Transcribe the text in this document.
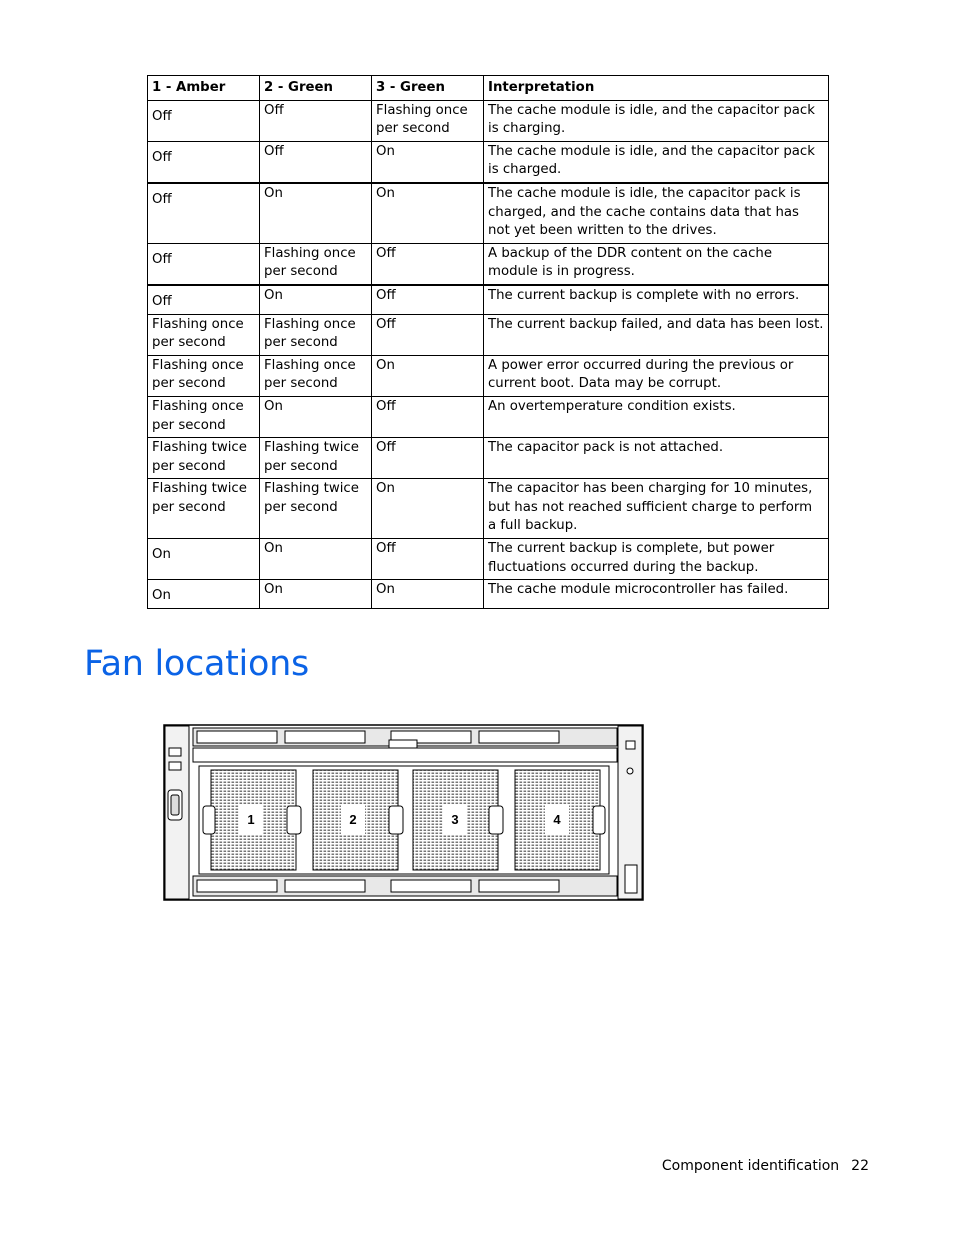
1 - Amber	2 - Green	3 - Green	Interpretation
Off	Off	Flashing once per second	The cache module is idle, and the capacitor pack is charging.
Off	Off	On	The cache module is idle, and the capacitor pack is charged.
Off	On	On	The cache module is idle, the capacitor pack is charged, and the cache contains data that has not yet been written to the drives.
Off	Flashing once per second	Off	A backup of the DDR content on the cache module is in progress.
Off	On	Off	The current backup is complete with no errors.
Flashing once per second	Flashing once per second	Off	The current backup failed, and data has been lost.
Flashing once per second	Flashing once per second	On	A power error occurred during the previous or current boot. Data may be corrupt.
Flashing once per second	On	Off	An overtemperature condition exists.
Flashing twice per second	Flashing twice per second	Off	The capacitor pack is not attached.
Flashing twice per second	Flashing twice per second	On	The capacitor has been charging for 10 minutes, but has not reached sufficient charge to perform a full backup.
On	On	Off	The current backup is complete, but power fluctuations occurred during the backup.
On	On	On	The cache module microcontroller has failed.
Fan locations
1	2	3	4
Component identification 22
